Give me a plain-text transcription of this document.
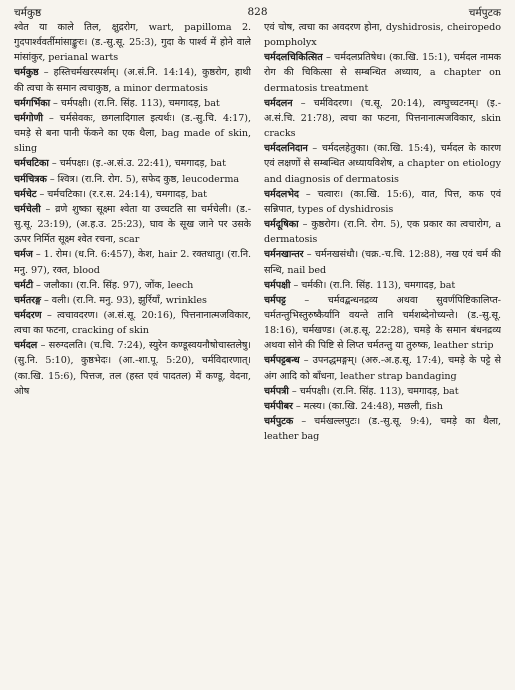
चर्मकुष्ठ	828	चर्मपुटक

श्वेत या काले तिल, क्षुद्ररोग, wart, papilloma 2. गुदपार्श्ववर्तीमांसाङ्कुरः। (ड.-सु.सू. 25:3), गुदा के पार्श्व में होने वाले मांसांकुर, perianal warts

चर्मकुष्ठ – हस्तिचर्मखरस्पर्शम्। (अ.सं.नि. 14:14), कुष्ठरोग, हाथी की त्वचा के समान त्वचाकुष्ठ, a minor dermatosis

चर्मगर्भिका – चर्मपक्षी। (रा.नि. सिंह. 113), चमगादड़, bat

चर्मगोणी – चर्मसेवकः, छगलादिगाल इत्यर्थः। (ड.-सु.चि. 4:17), चमड़े से बना पानी फेंकने का एक थैला, bag made of skin, sling

चर्मचटिका – चर्मपक्षः। (इ.-अ.सं.उ. 22:41), चमगादड़, bat

चर्मचित्रक – श्वित्र। (रा.नि. रोग. 5), सफेद कुष्ठ, leucoderma

चर्मचेट – चर्मचटिका। (र.र.स. 24:14), चमगादड़, bat

चर्मचेली – व्रणे शुष्का सूक्ष्मा श्वेता या उच्चटति सा चर्मचेली। (ड.-सु.सू. 23:19), (अ.ह.उ. 25:23), घाव के सूख जाने पर उसके ऊपर निर्मित सूक्ष्म श्वेत रचना, scar

चर्मज – 1. रोम। (ध.नि. 6:457), केश, hair 2. रक्तधातु। (रा.नि. मनु. 97), रक्त, blood

चर्मटी – जलौका। (रा.नि. सिंह. 97), जोंक, leech

चर्मतरङ्ग – वली। (रा.नि. मनु. 93), झुर्रियाँ, wrinkles

चर्मदरण – त्वचावदरण। (अ.सं.सू. 20:16), पित्तनानात्मजविकार, त्वचा का फटना, cracking of skin

चर्मदल – सरुग्दलति। (च.चि. 7:24), स्युरेन कण्डूस्वयनौषोचास्तलेषु। (सु.नि. 5:10), कुष्ठभेदः। (आ.-शा.पू. 5:20), चर्मविदारणात्। (का.खि. 15:6), पित्तज, तल (हस्त एवं पादतल) में कण्डू, वेदना, ओष

एवं चोष, त्वचा का अवदरण होना, dyshidrosis, cheiropedo pompholyx

चर्मदलचिकित्सित – चर्मदलप्रतिषेध। (का.खि. 15:1), चर्मदल नामक रोग की चिकित्सा से सम्बन्धित अध्याय, a chapter on dermatosis treatment

चर्मदलन – चर्मविदरण। (च.सू. 20:14), त्वग्घुच्चटनम्। (इ.-अ.सं.चि. 21:78), त्वचा का फटना, पित्तनानात्मजविकार, skin cracks

चर्मदलनिदान – चर्मदलहेतुका। (का.खि. 15:4), चर्मदल के कारण एवं लक्षणों से सम्बन्धित अध्यायविशेष, a chapter on etiology and diagnosis of dermatosis

चर्मदलभेद – चत्वारः। (का.खि. 15:6), वात, पित्त, कफ एवं सन्निपात, types of dyshidrosis

चर्मदूषिका – कुष्ठरोग। (रा.नि. रोग. 5), एक प्रकार का त्वचारोग, a dermatosis

चर्मनखान्तर – चर्मनखसंधौ। (चक्र.-च.चि. 12:88), नख एवं चर्म की सन्धि, nail bed

चर्मपक्षी – चर्मकी। (रा.नि. सिंह. 113), चमगादड़, bat

चर्मपट्ट – चर्मवद्बन्धनद्रव्य अथवा सुवर्णपिष्टिकालिप्त-चर्मतन्तुभिस्तुरुष्कैर्यानि वयन्ते तानि चर्मशब्देनोच्यन्ते। (ड.-सु.सू. 18:16), चर्मखण्ड। (अ.ह.सू. 22:28), चमड़े के समान बंधनद्रव्य अथवा सोने की पिष्टि से लिप्त चर्मतन्तु या तुरुष्क, leather strip

चर्मपट्टबन्ध – उपनद्धमङ्गम्। (अरु.-अ.ह.सू. 17:4), चमड़े के पट्टे से अंग आदि को बाँधना, leather strap bandaging

चर्मपत्री – चर्मपक्षी। (रा.नि. सिंह. 113), चमगादड़, bat

चर्मपीबर – मत्स्य। (का.खि. 24:48), मछली, fish

चर्मपुटक – चर्मखल्लपुटः। (ड.-सु.सू. 9:4), चमड़े का थैला, leather bag
